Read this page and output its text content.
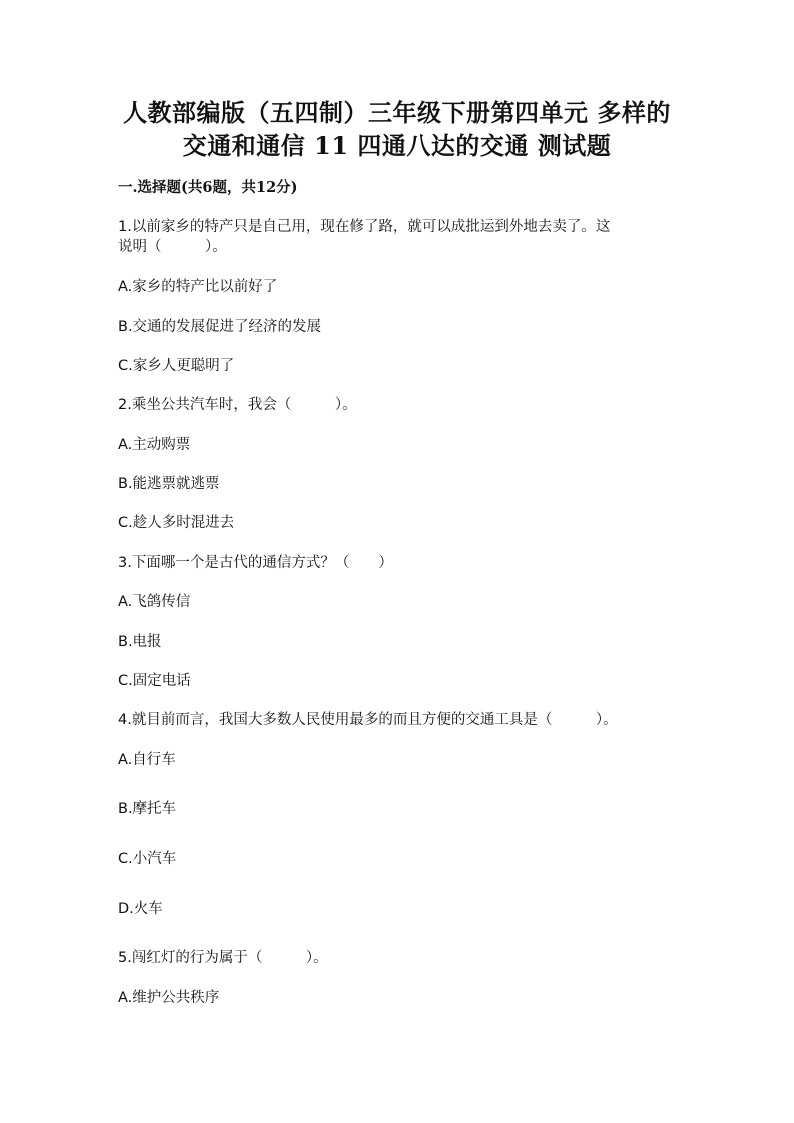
人教部编版（五四制）三年级下册第四单元 多样的
交通和通信 11 四通八达的交通 测试题
一.选择题(共6题，共12分)
1.以前家乡的特产只是自己用，现在修了路，就可以成批运到外地去卖了。这
说明（　　　）。
A.家乡的特产比以前好了
B.交通的发展促进了经济的发展
C.家乡人更聪明了
2.乘坐公共汽车时，我会（　　　）。
A.主动购票
B.能逃票就逃票
C.趁人多时混进去
3.下面哪一个是古代的通信方式？（　　）
A.飞鸽传信
B.电报
C.固定电话
4.就目前而言，我国大多数人民使用最多的而且方便的交通工具是（　　　）。
A.自行车
B.摩托车
C.小汽车
D.火车
5.闯红灯的行为属于（　　　）。
A.维护公共秩序
